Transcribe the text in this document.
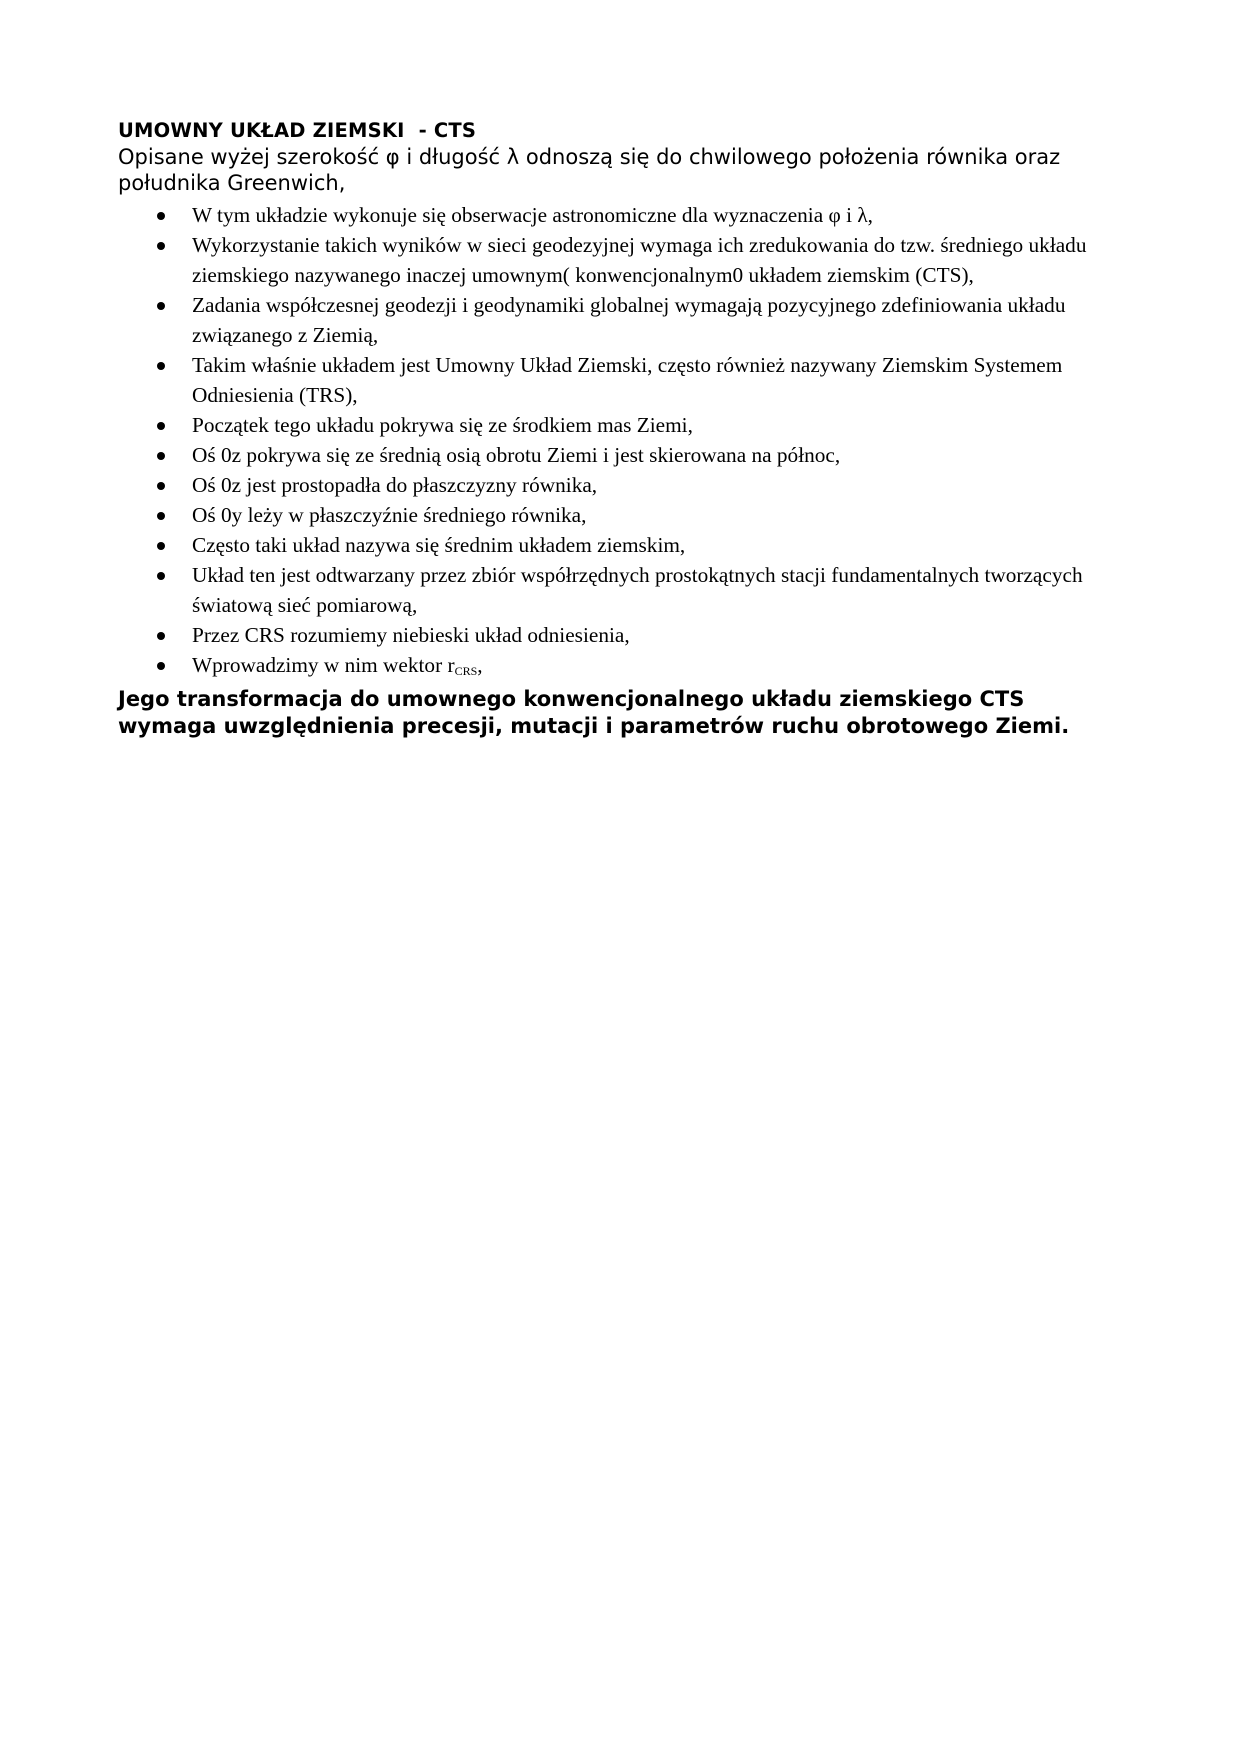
UMOWNY UKŁAD ZIEMSKI  - CTS

Opisane wyżej szerokość φ i długość λ odnoszą się do chwilowego położenia równika oraz południka Greenwich,

W tym układzie wykonuje się obserwacje astronomiczne dla wyznaczenia φ i λ,
Wykorzystanie takich wyników w sieci geodezyjnej wymaga ich zredukowania do tzw. średniego układu ziemskiego nazywanego inaczej umownym( konwencjonalnym0 układem ziemskim (CTS),
Zadania współczesnej geodezji i geodynamiki globalnej wymagają pozycyjnego zdefiniowania układu związanego z Ziemią,
Takim właśnie układem jest Umowny Układ Ziemski, często również nazywany Ziemskim Systemem Odniesienia (TRS),
Początek tego układu pokrywa się ze środkiem mas Ziemi,
Oś 0z pokrywa się ze średnią osią obrotu Ziemi i jest skierowana na północ,
Oś 0z jest prostopadła do płaszczyzny równika,
Oś 0y leży w płaszczyźnie średniego równika,
Często taki układ nazywa się średnim układem ziemskim,
Układ ten jest odtwarzany przez zbiór współrzędnych prostokątnych stacji fundamentalnych tworzących światową sieć pomiarową,
Przez CRS rozumiemy niebieski układ odniesienia,
Wprowadzimy w nim wektor $r_{CRS}$,

Jego transformacja do umownego konwencjonalnego układu ziemskiego CTS wymaga uwzględnienia precesji, mutacji i parametrów ruchu obrotowego Ziemi.
